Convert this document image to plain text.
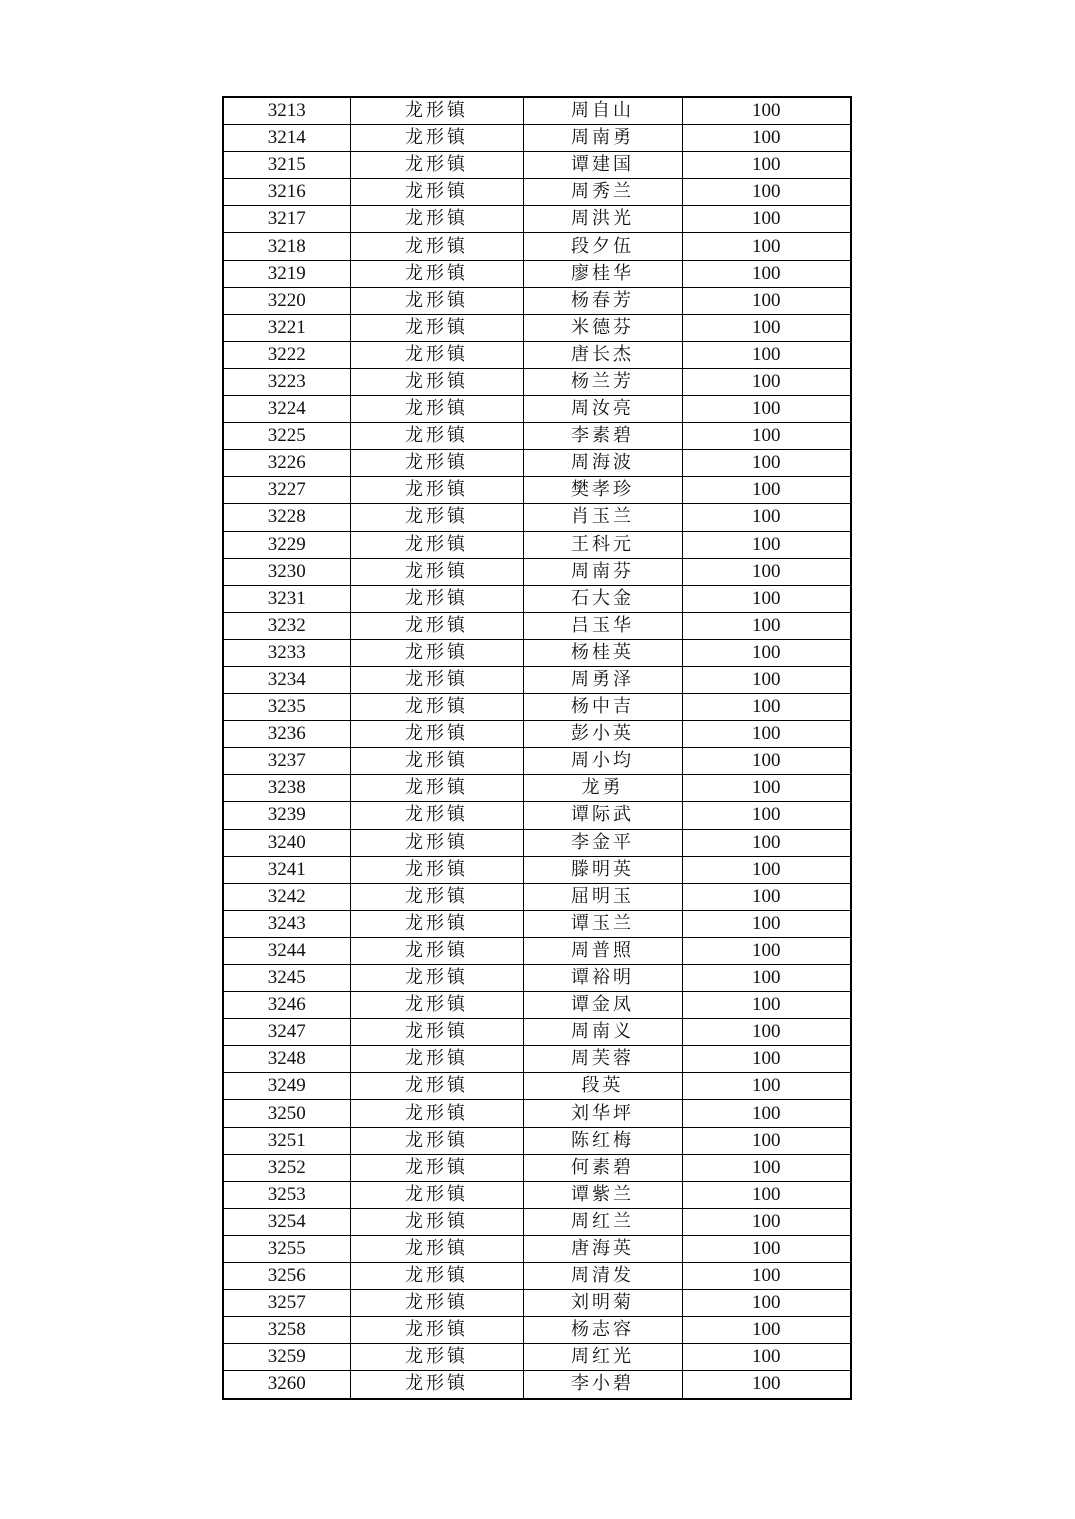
3213	龙形镇	周自山	100
3214	龙形镇	周南勇	100
3215	龙形镇	谭建国	100
3216	龙形镇	周秀兰	100
3217	龙形镇	周洪光	100
3218	龙形镇	段夕伍	100
3219	龙形镇	廖桂华	100
3220	龙形镇	杨春芳	100
3221	龙形镇	米德芬	100
3222	龙形镇	唐长杰	100
3223	龙形镇	杨兰芳	100
3224	龙形镇	周汝亮	100
3225	龙形镇	李素碧	100
3226	龙形镇	周海波	100
3227	龙形镇	樊孝珍	100
3228	龙形镇	肖玉兰	100
3229	龙形镇	王科元	100
3230	龙形镇	周南芬	100
3231	龙形镇	石大金	100
3232	龙形镇	吕玉华	100
3233	龙形镇	杨桂英	100
3234	龙形镇	周勇泽	100
3235	龙形镇	杨中吉	100
3236	龙形镇	彭小英	100
3237	龙形镇	周小均	100
3238	龙形镇	龙勇	100
3239	龙形镇	谭际武	100
3240	龙形镇	李金平	100
3241	龙形镇	滕明英	100
3242	龙形镇	屈明玉	100
3243	龙形镇	谭玉兰	100
3244	龙形镇	周普照	100
3245	龙形镇	谭裕明	100
3246	龙形镇	谭金凤	100
3247	龙形镇	周南义	100
3248	龙形镇	周芙蓉	100
3249	龙形镇	段英	100
3250	龙形镇	刘华坪	100
3251	龙形镇	陈红梅	100
3252	龙形镇	何素碧	100
3253	龙形镇	谭紫兰	100
3254	龙形镇	周红兰	100
3255	龙形镇	唐海英	100
3256	龙形镇	周清发	100
3257	龙形镇	刘明菊	100
3258	龙形镇	杨志容	100
3259	龙形镇	周红光	100
3260	龙形镇	李小碧	100
